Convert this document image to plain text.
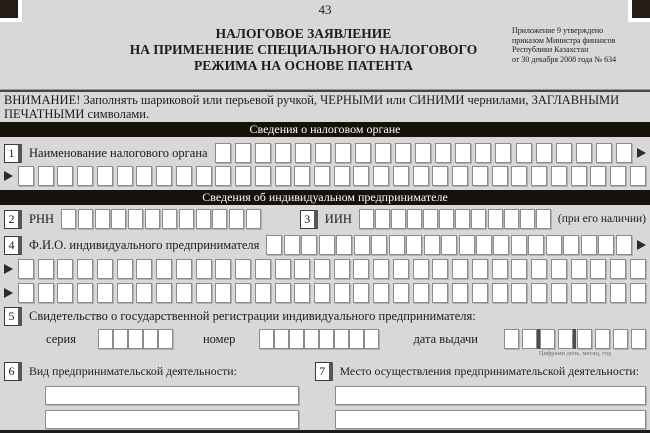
43
НАЛОГОВОЕ ЗАЯВЛЕНИЕ
НА ПРИМЕНЕНИЕ СПЕЦИАЛЬНОГО НАЛОГОВОГО
РЕЖИМА НА ОСНОВЕ ПАТЕНТА
Приложение 9 утверждено
приказом Министра финансов
Республики Казахстан
от 30 декабря 2008 года № 634
ВНИМАНИЕ! Заполнять шариковой или перьевой ручкой, ЧЕРНЫМИ или СИНИМИ чернилами, ЗАГЛАВНЫМИ ПЕЧАТНЫМИ символами.
Сведения о налоговом органе
1	Наименование налогового органа
Сведения об индивидуальном предпринимателе
2	РНН	3	ИИН	(при его наличии)
4	Ф.И.О. индивидуального предпринимателя
5	Свидетельство о государственной регистрации индивидуального предпринимателя:
серия	номер	дата выдачи
Цифрами день, месяц, год
6	Вид предпринимательской деятельности:	7	Место осуществления предпринимательской деятельности:
